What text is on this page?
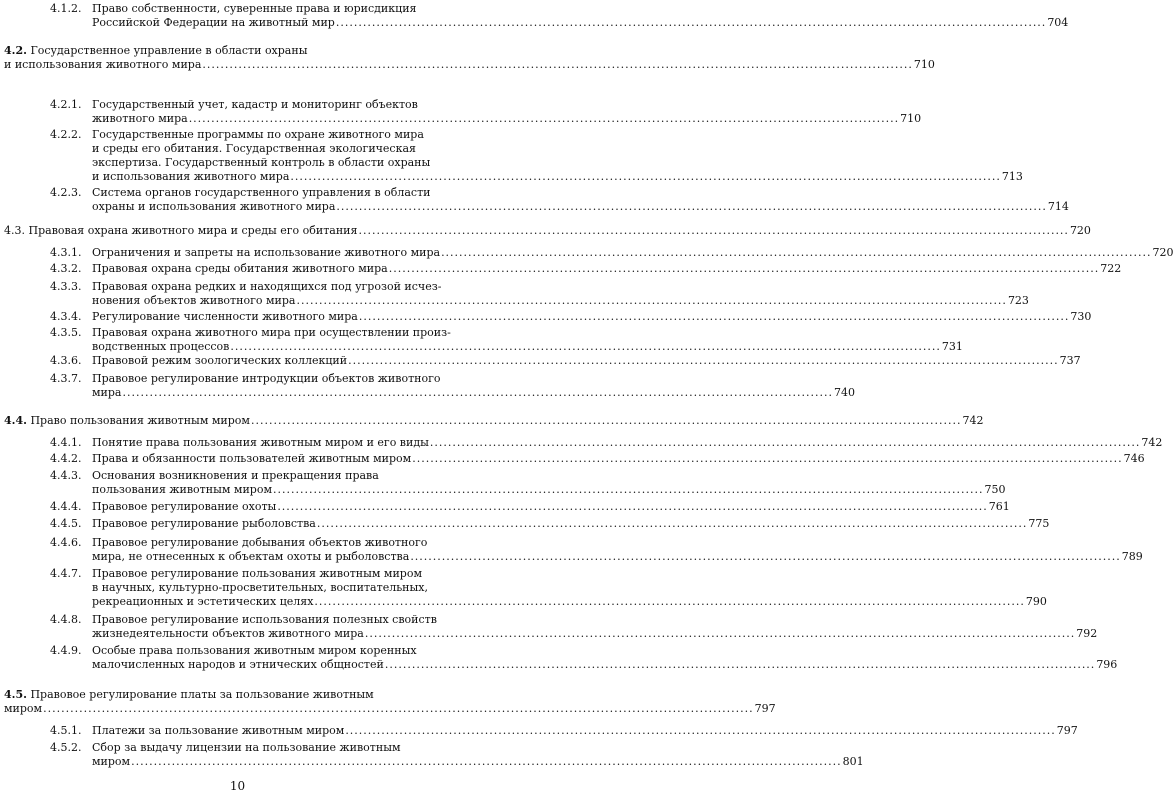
4.1.2. Право собственности, суверенные права и юрисдикция
Российской Федерации на животный мир .....	704
4.2. Государственное управление в области охраны
и использования животного мира .....	710
4.2.1. Государственный учет, кадастр и мониторинг объектов
животного мира .....	710
4.2.2. Государственные программы по охране животного мира
и среды его обитания. Государственная экологическая
экспертиза. Государственный контроль в области охраны
и использования животного мира .....	713
4.2.3. Система органов государственного управления в области
охраны и использования животного мира .....	714
4.3. Правовая охрана животного мира и среды его обитания .....	720
4.3.1. Ограничения и запреты на использование животного мира .....	720
4.3.2. Правовая охрана среды обитания животного мира .....	722
4.3.3. Правовая охрана редких и находящихся под угрозой исчез-
новения объектов животного мира .....	723
4.3.4. Регулирование численности животного мира .....	730
4.3.5. Правовая охрана животного мира при осуществлении произ-
водственных процессов .....	731
4.3.6. Правовой режим зоологических коллекций .....	737
4.3.7. Правовое регулирование интродукции объектов животного
мира .....	740
4.4. Право пользования животным миром .....	742
4.4.1. Понятие права пользования животным миром и его виды .....	742
4.4.2. Права и обязанности пользователей животным миром .....	746
4.4.3. Основания возникновения и прекращения права
пользования животным миром .....	750
4.4.4. Правовое регулирование охоты .....	761
4.4.5. Правовое регулирование рыболовства .....	775
4.4.6. Правовое регулирование добывания объектов животного
мира, не отнесенных к объектам охоты и рыболовства .....	789
4.4.7. Правовое регулирование пользования животным миром
в научных, культурно-просветительных, воспитательных,
рекреационных и эстетических целях .....	790
4.4.8. Правовое регулирование использования полезных свойств
жизнедеятельности объектов животного мира .....	792
4.4.9. Особые права пользования животным миром коренных
малочисленных народов и этнических общностей .....	796
4.5. Правовое регулирование платы за пользование животным
миром .....	797
4.5.1. Платежи за пользование животным миром .....	797
4.5.2. Сбор за выдачу лицензии на пользование животным
миром .....	801
10
